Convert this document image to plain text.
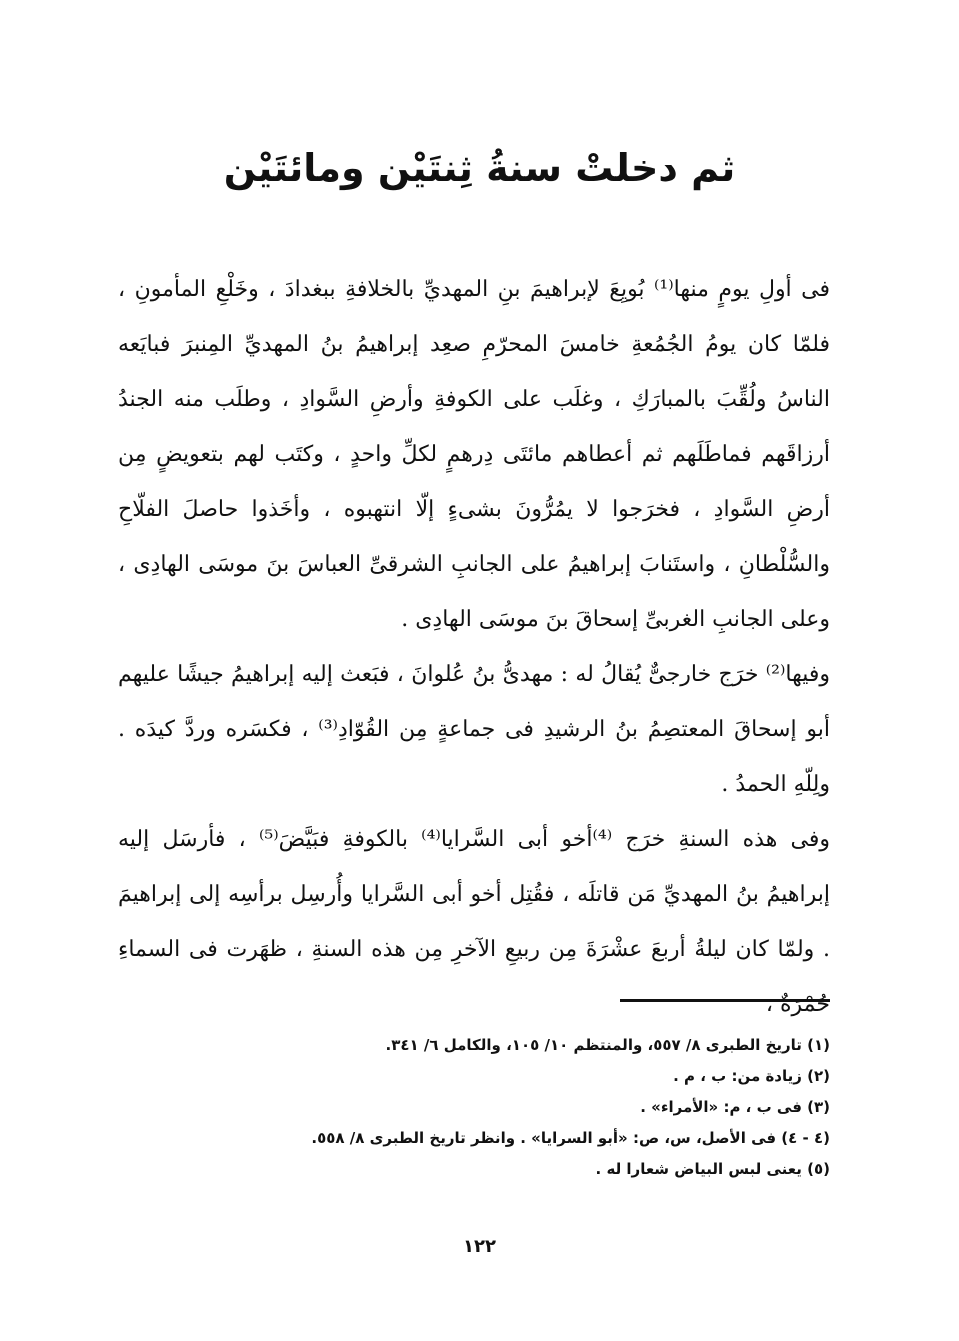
ثم دخلتْ سنةُ ثِنتَيْن ومائتَيْن

فى أولِ يومٍ منها⁽¹⁾ بُويِعَ لإبراهيمَ بنِ المهديِّ بالخلافةِ ببغدادَ ، وخَلْعِ المأمونِ ، فلمّا كان يومُ الجُمُعةِ خامسَ المحرّمِ صعِد إبراهيمُ بنُ المهديِّ المِنبرَ فبايَعه الناسُ ولُقِّبَ بالمبارَكِ ، وغلَب على الكوفةِ وأرضِ السَّوادِ ، وطلَب منه الجندُ أرزاقَهم فماطَلَهم ثم أعطاهم مائتَى دِرهمٍ لكلِّ واحدٍ ، وكتَب لهم بتعويضٍ مِن أرضِ السَّوادِ ، فخرَجوا لا يمُرُّونَ بشىءٍ إلّا انتهبوه ، وأخَذوا حاصلَ الفلّاحِ والسُّلْطانِ ، واستَنابَ إبراهيمُ على الجانبِ الشرقىِّ العباسَ بنَ موسَى الهادِى ، وعلى الجانبِ الغربىِّ إسحاقَ بنَ موسَى الهادِى .

وفيها⁽²⁾ خرَج خارجىٌّ يُقالُ له : مهدىُّ بنُ عُلوانَ ، فبَعث إليه إبراهيمُ جيشًا عليهم أبو إسحاقَ المعتصِمُ بنُ الرشيدِ فى جماعةٍ مِن القُوّادِ⁽³⁾ ، فكسَره وردَّ كيدَه . ولِلّهِ الحمدُ .

وفى هذه السنةِ خرَج ⁽⁴⁾أخو أبى السَّرايا⁽⁴⁾ بالكوفةِ فبَيَّضَ⁽⁵⁾ ، فأرسَل إليه إبراهيمُ بنُ المهديِّ مَن قاتلَه ، فقُتِل أخو أبى السَّرايا وأُرسِل برأسِه إلى إبراهيمَ . ولمّا كان ليلةُ أربعَ عشْرَةَ مِن ربيعِ الآخرِ مِن هذه السنةِ ، ظهَرت فى السماءِ حُمْرَةٌ ،

(١) تاريخ الطبرى ٨/ ٥٥٧، والمنتظم ١٠/ ١٠٥، والكامل ٦/ ٣٤١.
(٢) زيادة من: ب ، م .
(٣) فى ب ، م: «الأمراء» .
(٤ - ٤) فى الأصل، س، ص: «أبو السرايا» . وانظر تاريخ الطبرى ٨/ ٥٥٨.
(٥) يعنى لبس البياض شعارا له .
١٢٢
